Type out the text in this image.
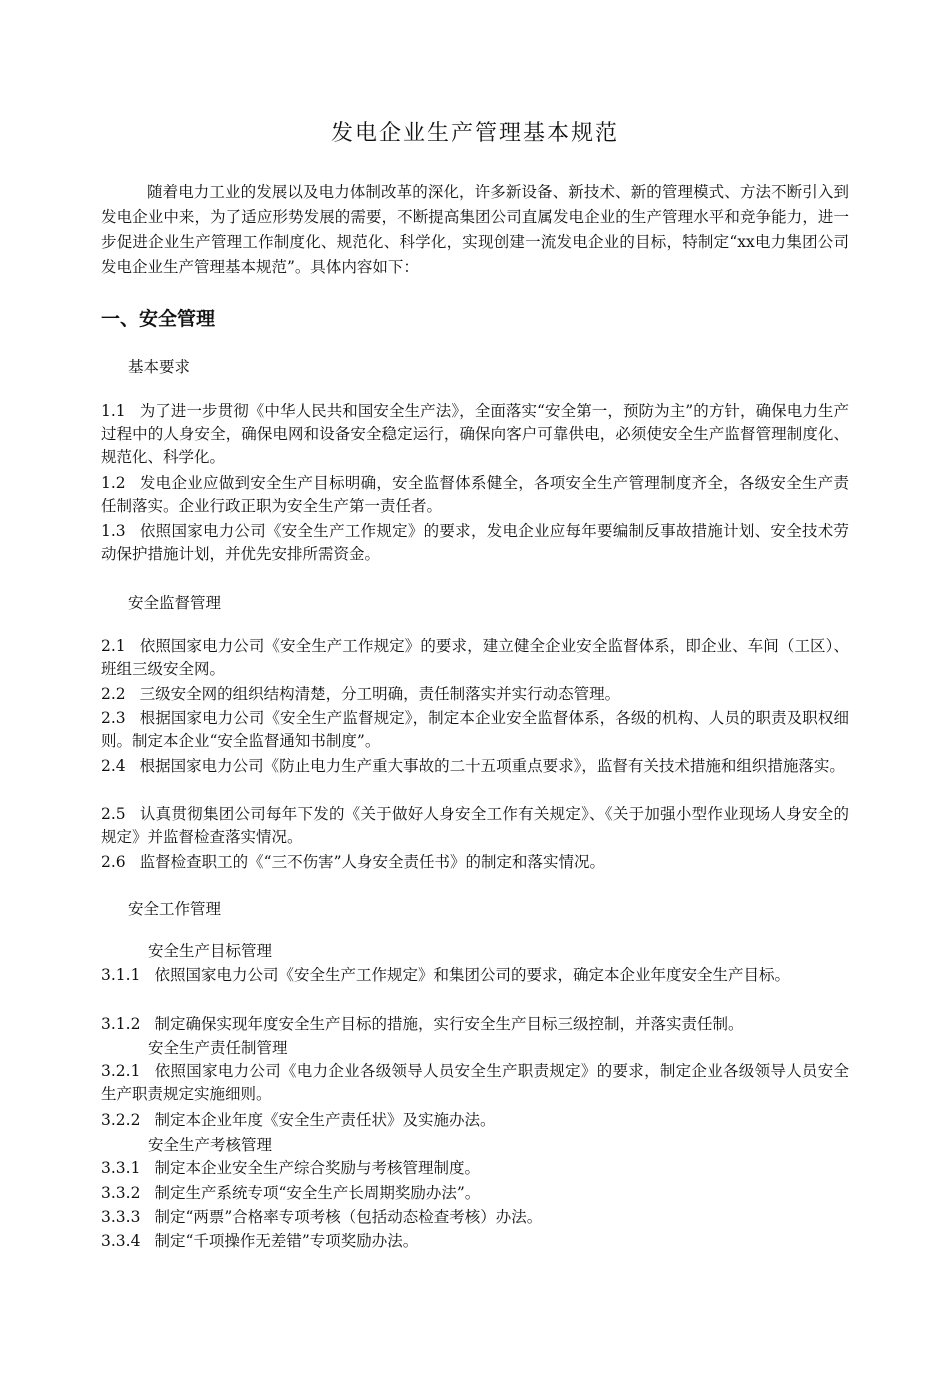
发电企业生产管理基本规范

随着电力工业的发展以及电力体制改革的深化，许多新设备、新技术、新的管理模式、方法不断引入到发电企业中来，为了适应形势发展的需要，不断提高集团公司直属发电企业的生产管理水平和竞争能力，进一步促进企业生产管理工作制度化、规范化、科学化，实现创建一流发电企业的目标，特制定“xx电力集团公司发电企业生产管理基本规范”。具体内容如下：

一、安全管理
基本要求

1.1 为了进一步贯彻《中华人民共和国安全生产法》，全面落实“安全第一，预防为主”的方针，确保电力生产过程中的人身安全，确保电网和设备安全稳定运行，确保向客户可靠供电，必须使安全生产监督管理制度化、规范化、科学化。

1.2 发电企业应做到安全生产目标明确，安全监督体系健全，各项安全生产管理制度齐全，各级安全生产责任制落实。企业行政正职为安全生产第一责任者。

1.3 依照国家电力公司《安全生产工作规定》的要求，发电企业应每年要编制反事故措施计划、安全技术劳动保护措施计划，并优先安排所需资金。

安全监督管理

2.1 依照国家电力公司《安全生产工作规定》的要求，建立健全企业安全监督体系，即企业、车间（工区）、班组三级安全网。

2.2 三级安全网的组织结构清楚，分工明确，责任制落实并实行动态管理。

2.3 根据国家电力公司《安全生产监督规定》，制定本企业安全监督体系，各级的机构、人员的职责及职权细则。制定本企业“安全监督通知书制度”。

2.4 根据国家电力公司《防止电力生产重大事故的二十五项重点要求》，监督有关技术措施和组织措施落实。

2.5 认真贯彻集团公司每年下发的《关于做好人身安全工作有关规定》、《关于加强小型作业现场人身安全的规定》并监督检查落实情况。

2.6 监督检查职工的《“三不伤害”人身安全责任书》的制定和落实情况。

安全工作管理
安全生产目标管理

3.1.1 依照国家电力公司《安全生产工作规定》和集团公司的要求，确定本企业年度安全生产目标。

3.1.2 制定确保实现年度安全生产目标的措施，实行安全生产目标三级控制，并落实责任制。

安全生产责任制管理

3.2.1 依照国家电力公司《电力企业各级领导人员安全生产职责规定》的要求，制定企业各级领导人员安全生产职责规定实施细则。

3.2.2 制定本企业年度《安全生产责任状》及实施办法。

安全生产考核管理

3.3.1 制定本企业安全生产综合奖励与考核管理制度。

3.3.2 制定生产系统专项“安全生产长周期奖励办法”。

3.3.3 制定“两票”合格率专项考核（包括动态检查考核）办法。

3.3.4 制定“千项操作无差错”专项奖励办法。
